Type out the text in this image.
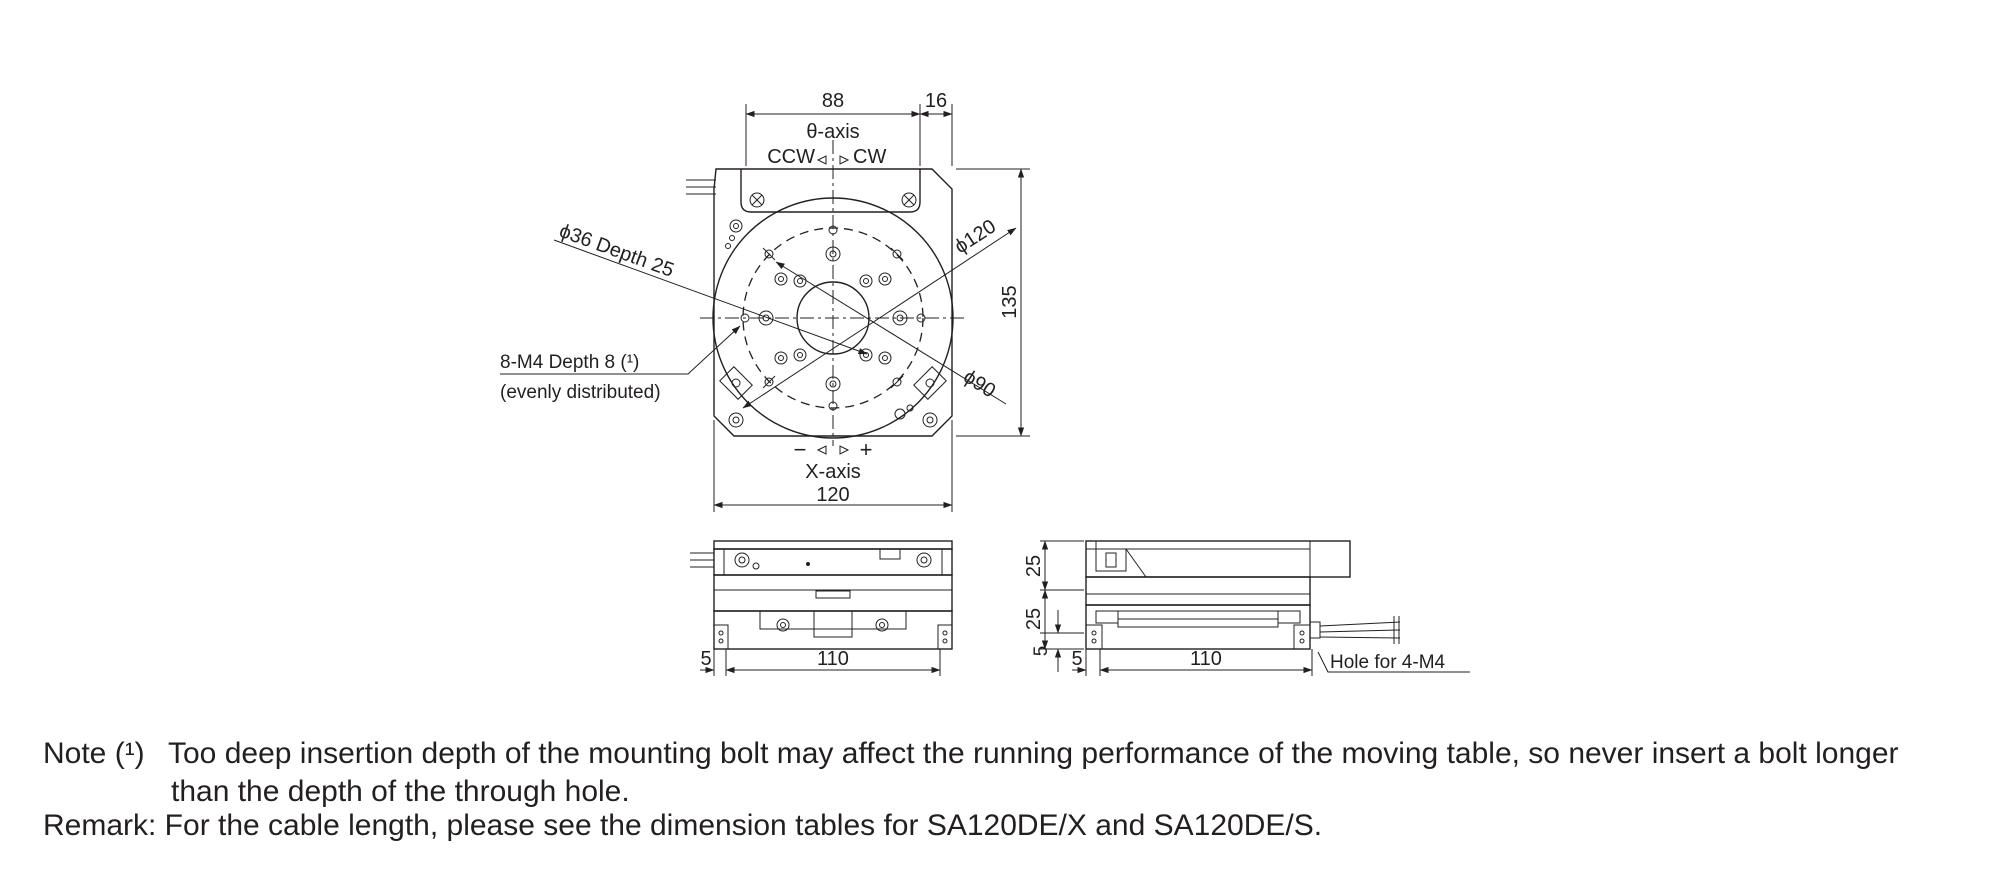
88	16
θ-axis
CCW CW
ϕ36 Depth 25	ϕ120
ϕ90
135
8-M4 Depth 8 (¹)
(evenly distributed)
− +
X-axis
120
5	110
25
25
5 5	110	Hole for 4-M4
Note (¹) Too deep insertion depth of the mounting bolt may affect the running performance of the moving table, so never insert a bolt longer
than the depth of the through hole.
Remark: For the cable length, please see the dimension tables for SA120DE/X and SA120DE/S.
